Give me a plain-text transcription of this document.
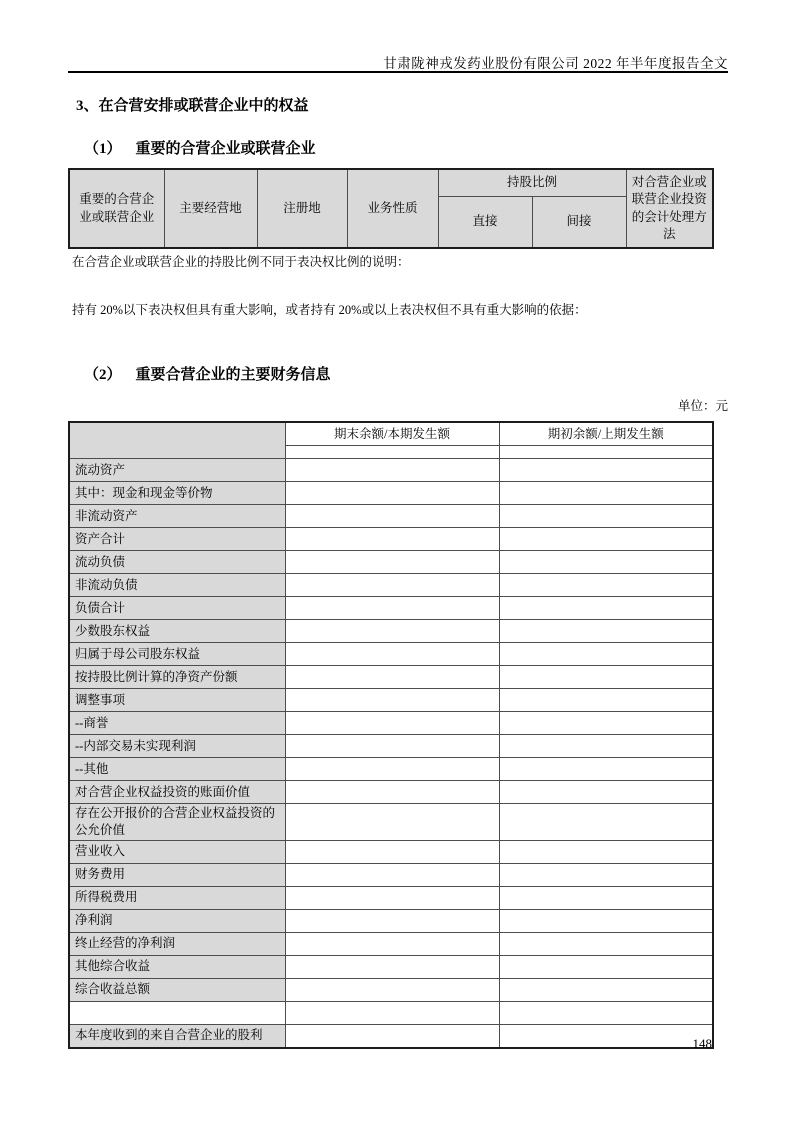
甘肃陇神戎发药业股份有限公司 2022 年半年度报告全文
3、在合营安排或联营企业中的权益
（1） 重要的合营企业或联营企业
重要的合营企业或联营企业	主要经营地	注册地	业务性质	持股比例		对合营企业或联营企业投资的会计处理方法
				直接	间接	
在合营企业或联营企业的持股比例不同于表决权比例的说明：
持有 20%以下表决权但具有重大影响，或者持有 20%或以上表决权但不具有重大影响的依据：
（2） 重要合营企业的主要财务信息
单位：元
	期末余额/本期发生额	期初余额/上期发生额

流动资产		
其中：现金和现金等价物		
非流动资产		
资产合计		
流动负债		
非流动负债		
负债合计		
少数股东权益		
归属于母公司股东权益		
按持股比例计算的净资产份额		
调整事项		
--商誉		
--内部交易未实现利润		
--其他		
对合营企业权益投资的账面价值		
存在公开报价的合营企业权益投资的公允价值		
营业收入		
财务费用		
所得税费用		
净利润		
终止经营的净利润		
其他综合收益		
综合收益总额		

本年度收到的来自合营企业的股利		
148
